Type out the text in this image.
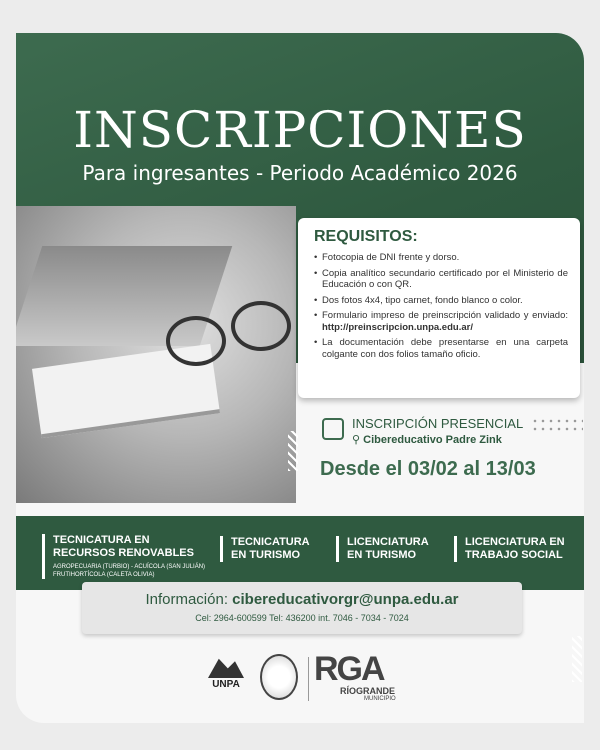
INSCRIPCIONES
Para ingresantes - Periodo Académico 2026
REQUISITOS:
• Fotocopia de DNI frente y dorso.
• Copia analítico secundario certificado por el Ministerio de Educación o con QR.
• Dos fotos 4x4, tipo carnet, fondo blanco o color.
• Formulario impreso de preinscripción validado y enviado: http://preinscripcion.unpa.edu.ar/
• La documentación debe presentarse en una carpeta colgante con dos folios tamaño oficio.
INSCRIPCIÓN PRESENCIAL
⚲ Cibereducativo Padre Zink
Desde el 03/02 al 13/03
TECNICATURA EN RECURSOS RENOVABLES
AGROPECUARIA (TURBIO) - ACUÍCOLA (SAN JULIÁN) FRUTIHORTÍCOLA (CALETA OLIVIA)
TECNICATURA EN TURISMO
LICENCIATURA EN TURISMO
LICENCIATURA EN TRABAJO SOCIAL
Información: cibereducativorgr@unpa.edu.ar
Cel: 2964-600599 Tel: 436200 int. 7046 - 7034 - 7024
UNPA RGA
RÍOGRANDE
MUNICIPIO
